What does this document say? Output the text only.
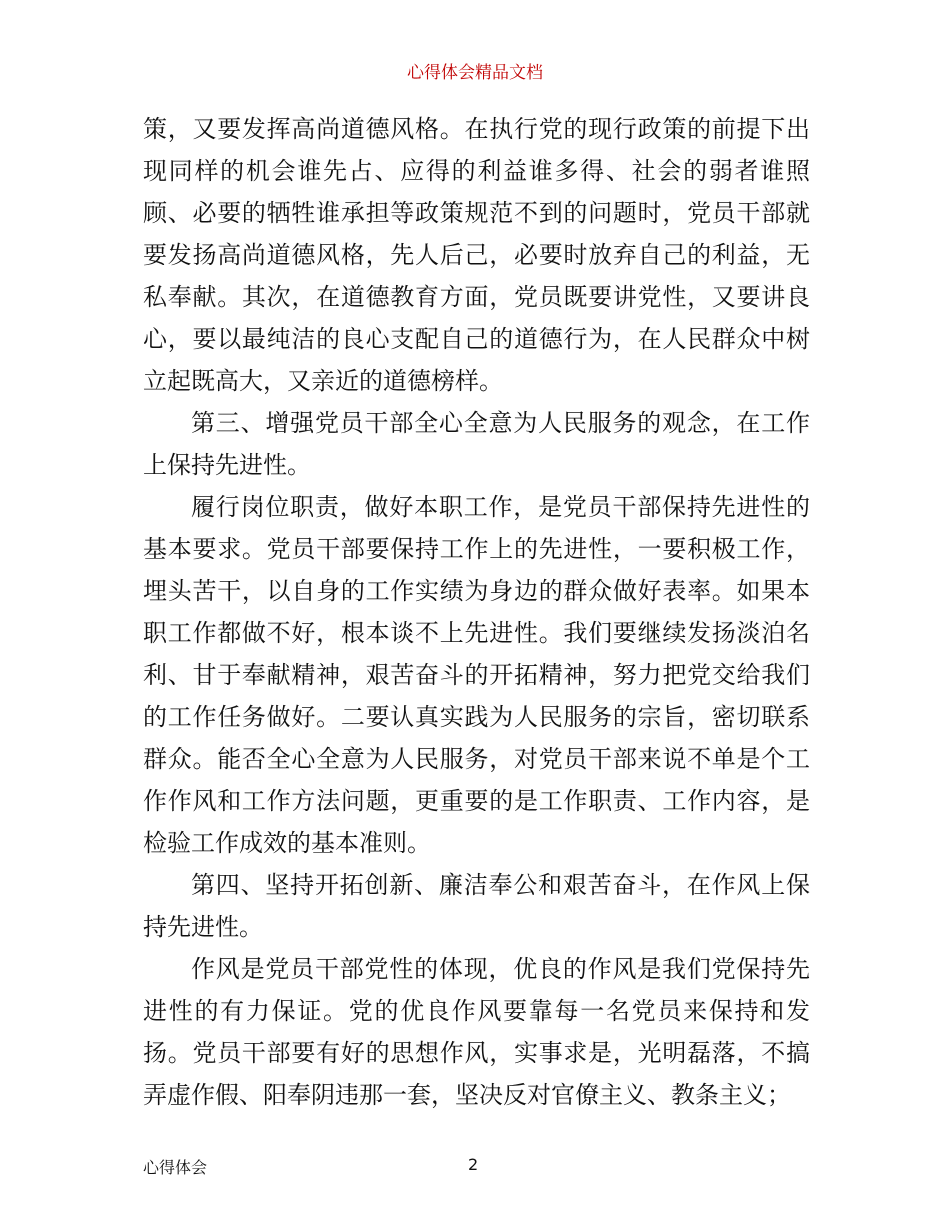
心得体会精品文档

策，又要发挥高尚道德风格。在执行党的现行政策的前提下出现同样的机会谁先占、应得的利益谁多得、社会的弱者谁照顾、必要的牺牲谁承担等政策规范不到的问题时，党员干部就要发扬高尚道德风格，先人后己，必要时放弃自己的利益，无私奉献。其次，在道德教育方面，党员既要讲党性，又要讲良心，要以最纯洁的良心支配自己的道德行为，在人民群众中树立起既高大，又亲近的道德榜样。

第三、增强党员干部全心全意为人民服务的观念，在工作上保持先进性。

履行岗位职责，做好本职工作，是党员干部保持先进性的基本要求。党员干部要保持工作上的先进性，一要积极工作，埋头苦干，以自身的工作实绩为身边的群众做好表率。如果本职工作都做不好，根本谈不上先进性。我们要继续发扬淡泊名利、甘于奉献精神，艰苦奋斗的开拓精神，努力把党交给我们的工作任务做好。二要认真实践为人民服务的宗旨，密切联系群众。能否全心全意为人民服务，对党员干部来说不单是个工作作风和工作方法问题，更重要的是工作职责、工作内容，是检验工作成效的基本准则。

第四、坚持开拓创新、廉洁奉公和艰苦奋斗，在作风上保持先进性。

作风是党员干部党性的体现，优良的作风是我们党保持先进性的有力保证。党的优良作风要靠每一名党员来保持和发扬。党员干部要有好的思想作风，实事求是，光明磊落，不搞弄虚作假、阳奉阴违那一套，坚决反对官僚主义、教条主义；

心得体会	2
